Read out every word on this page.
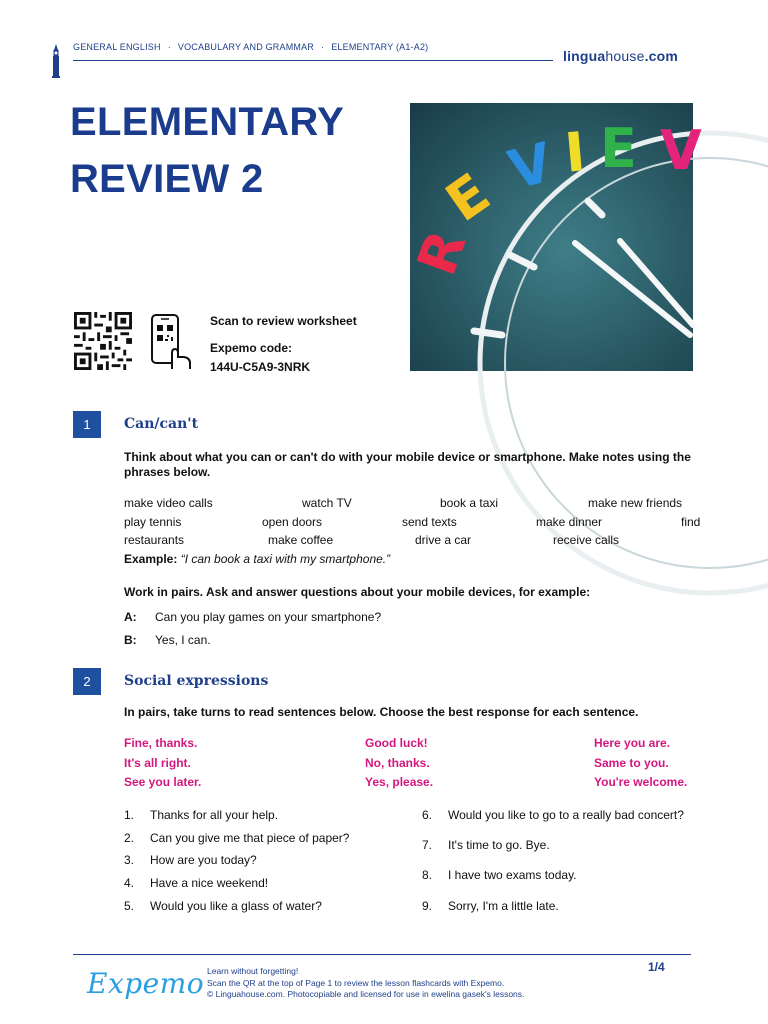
GENERAL ENGLISH · VOCABULARY AND GRAMMAR · ELEMENTARY (A1-A2)
linguahouse.com
ELEMENTARY
REVIEW 2
R
E V I E V
Scan to review worksheet
Expemo code:
144U-C5A9-3NRK
1	Can/can't
Think about what you can or can't do with your mobile device or smartphone. Make notes using the phrases below.
make video calls	watch TV	book a taxi	make new friends
play tennis	open doors	send texts	make dinner	find
restaurants	make coffee	drive a car	receive calls
Example: “I can book a taxi with my smartphone.”
Work in pairs. Ask and answer questions about your mobile devices, for example:
A: Can you play games on your smartphone?
B: Yes, I can.
2	Social expressions
In pairs, take turns to read sentences below. Choose the best response for each sentence.
Fine, thanks.	Good luck!	Here you are.
It's all right.	No, thanks.	Same to you.
See you later.	Yes, please.	You're welcome.
1. Thanks for all your help.
2. Can you give me that piece of paper?
3. How are you today?
4. Have a nice weekend!
5. Would you like a glass of water?
6. Would you like to go to a really bad concert?
7. It's time to go. Bye.
8. I have two exams today.
9. Sorry, I'm a little late.
Expemo Learn without forgetting!
Scan the QR at the top of Page 1 to review the lesson flashcards with Expemo.
© Linguahouse.com. Photocopiable and licensed for use in ewelina gasek's lessons.
1/4
